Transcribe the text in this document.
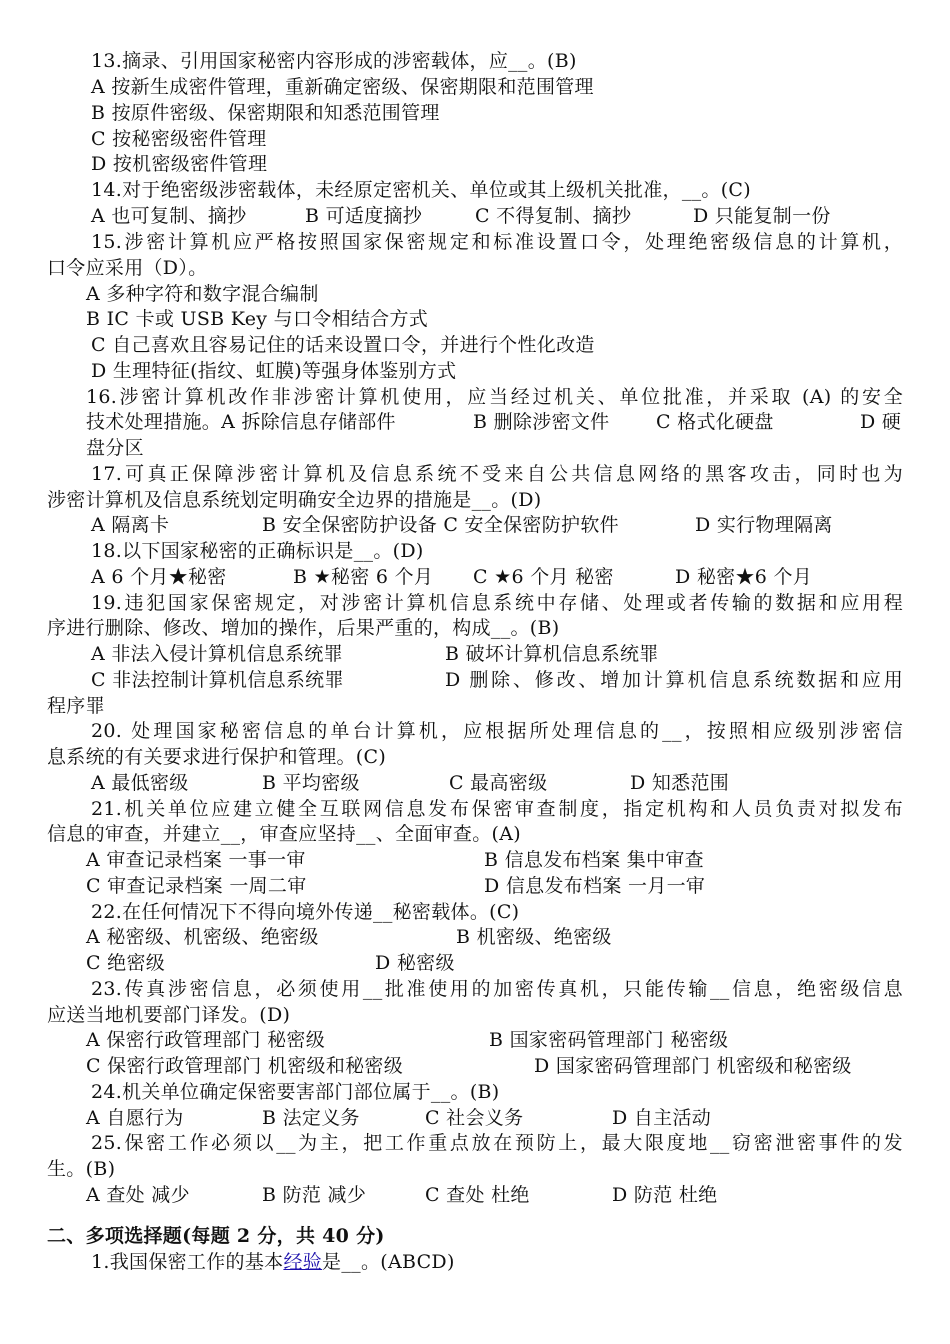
13.摘录、引用国家秘密内容形成的涉密载体，应__。(B)
A 按新生成密件管理，重新确定密级、保密期限和范围管理
B 按原件密级、保密期限和知悉范围管理
C 按秘密级密件管理
D 按机密级密件管理
14.对于绝密级涉密载体，未经原定密机关、单位或其上级机关批准，__。(C)
A 也可复制、摘抄	B 可适度摘抄	C 不得复制、摘抄	D 只能复制一份
15.涉密计算机应严格按照国家保密规定和标准设置口令，处理绝密级信息的计算机，
口令应采用（D）。
A 多种字符和数字混合编制
B IC 卡或 USB Key 与口令相结合方式
C 自己喜欢且容易记住的话来设置口令，并进行个性化改造
D 生理特征(指纹、虹膜)等强身体鉴别方式
16.涉密计算机改作非涉密计算机使用，应当经过机关、单位批准，并采取 (A) 的安全
技术处理措施。A 拆除信息存储部件	B 删除涉密文件 C 格式化硬盘	D 硬
盘分区
17.可真正保障涉密计算机及信息系统不受来自公共信息网络的黑客攻击，同时也为
涉密计算机及信息系统划定明确安全边界的措施是__。(D)
A 隔离卡	B 安全保密防护设备 C 安全保密防护软件	D 实行物理隔离
18.以下国家秘密的正确标识是__。(D)
A 6 个月★秘密	B ★秘密 6 个月 C ★6 个月 秘密	D 秘密★6 个月
19.违犯国家保密规定，对涉密计算机信息系统中存储、处理或者传输的数据和应用程
序进行删除、修改、增加的操作，后果严重的，构成__。(B)
A 非法入侵计算机信息系统罪	B 破坏计算机信息系统罪
C 非法控制计算机信息系统罪	D 删除、修改、增加计算机信息系统数据和应用
程序罪
20. 处理国家秘密信息的单台计算机，应根据所处理信息的__，按照相应级别涉密信
息系统的有关要求进行保护和管理。(C)
A 最低密级	B 平均密级	C 最高密级	D 知悉范围
21.机关单位应建立健全互联网信息发布保密审查制度，指定机构和人员负责对拟发布
信息的审查，并建立__，审查应坚持__、全面审查。(A)
A 审查记录档案 一事一审	B 信息发布档案 集中审查
C 审查记录档案 一周二审	D 信息发布档案 一月一审
22.在任何情况下不得向境外传递__秘密载体。(C)
A 秘密级、机密级、绝密级	B 机密级、绝密级
C 绝密级	D 秘密级
23.传真涉密信息，必须使用__批准使用的加密传真机，只能传输__信息，绝密级信息
应送当地机要部门译发。(D)
A 保密行政管理部门 秘密级	B 国家密码管理部门 秘密级
C 保密行政管理部门 机密级和秘密级	D 国家密码管理部门 机密级和秘密级
24.机关单位确定保密要害部门部位属于__。(B)
A 自愿行为	B 法定义务	C 社会义务	D 自主活动
25.保密工作必须以__为主，把工作重点放在预防上，最大限度地__窃密泄密事件的发
生。(B)
A 查处 减少	B 防范 减少	C 查处 杜绝	D 防范 杜绝
二、多项选择题(每题 2 分，共 40 分)
1.我国保密工作的基本经验是__。(ABCD)
